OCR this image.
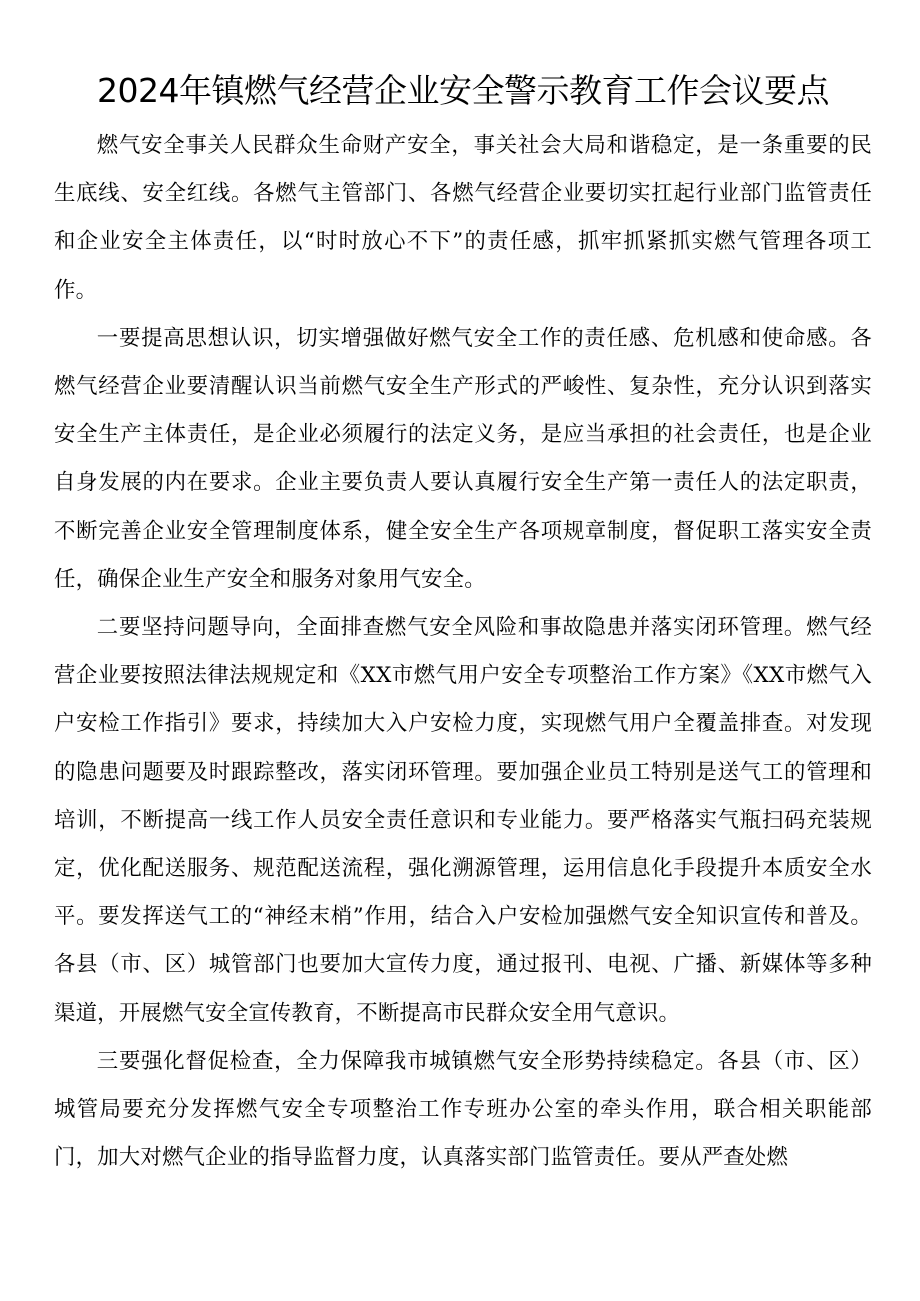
2024年镇燃气经营企业安全警示教育工作会议要点

燃气安全事关人民群众生命财产安全，事关社会大局和谐稳定，是一条重要的民生底线、安全红线。各燃气主管部门、各燃气经营企业要切实扛起行业部门监管责任和企业安全主体责任，以“时时放心不下”的责任感，抓牢抓紧抓实燃气管理各项工作。

一要提高思想认识，切实增强做好燃气安全工作的责任感、危机感和使命感。各燃气经营企业要清醒认识当前燃气安全生产形式的严峻性、复杂性，充分认识到落实安全生产主体责任，是企业必须履行的法定义务，是应当承担的社会责任，也是企业自身发展的内在要求。企业主要负责人要认真履行安全生产第一责任人的法定职责，不断完善企业安全管理制度体系，健全安全生产各项规章制度，督促职工落实安全责任，确保企业生产安全和服务对象用气安全。

二要坚持问题导向，全面排查燃气安全风险和事故隐患并落实闭环管理。燃气经营企业要按照法律法规规定和《XX市燃气用户安全专项整治工作方案》《XX市燃气入户安检工作指引》要求，持续加大入户安检力度，实现燃气用户全覆盖排查。对发现的隐患问题要及时跟踪整改，落实闭环管理。要加强企业员工特别是送气工的管理和培训，不断提高一线工作人员安全责任意识和专业能力。要严格落实气瓶扫码充装规定，优化配送服务、规范配送流程，强化溯源管理，运用信息化手段提升本质安全水平。要发挥送气工的“神经末梢”作用，结合入户安检加强燃气安全知识宣传和普及。各县（市、区）城管部门也要加大宣传力度，通过报刊、电视、广播、新媒体等多种渠道，开展燃气安全宣传教育，不断提高市民群众安全用气意识。

三要强化督促检查，全力保障我市城镇燃气安全形势持续稳定。各县（市、区）城管局要充分发挥燃气安全专项整治工作专班办公室的牵头作用，联合相关职能部门，加大对燃气企业的指导监督力度，认真落实部门监管责任。要从严查处燃
